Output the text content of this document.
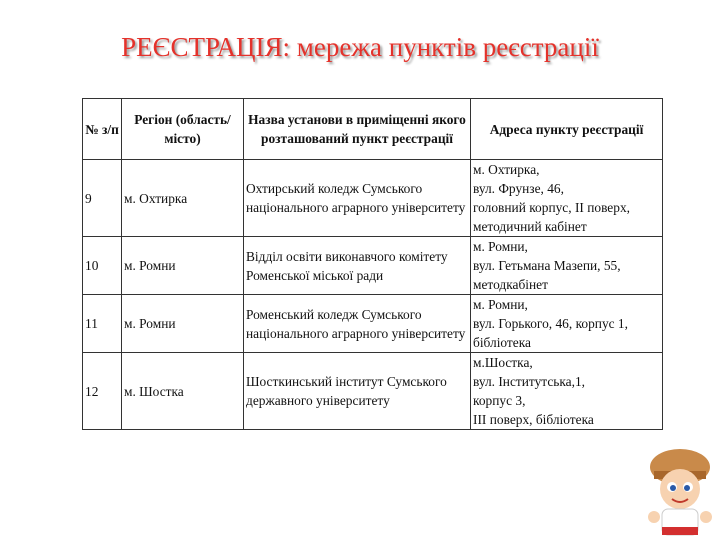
РЕЄСТРАЦІЯ: мережа пунктів реєстрації
№ з/п	Регіон (область/місто)	Назва установи в приміщенні якого розташований пункт реєстрації	Адреса пункту реєстрації
9	м. Охтирка	Охтирський коледж Сумського національного аграрного університету	м. Охтирка,
вул. Фрунзе, 46,
головний корпус, ІІ поверх,
методичний кабінет

10	м. Ромни	Відділ освіти виконавчого комітету Роменської міської ради	м. Ромни,
вул. Гетьмана Мазепи, 55,
методкабінет

11	м. Ромни	Роменський коледж Сумського національного аграрного університету	м. Ромни,
вул. Горького, 46, корпус 1,
бібліотека

12	м. Шостка	Шосткинський інститут Сумського державного університету	м.Шостка,
вул. Інститутська,1,
корпус 3,
ІІІ поверх, бібліотека
